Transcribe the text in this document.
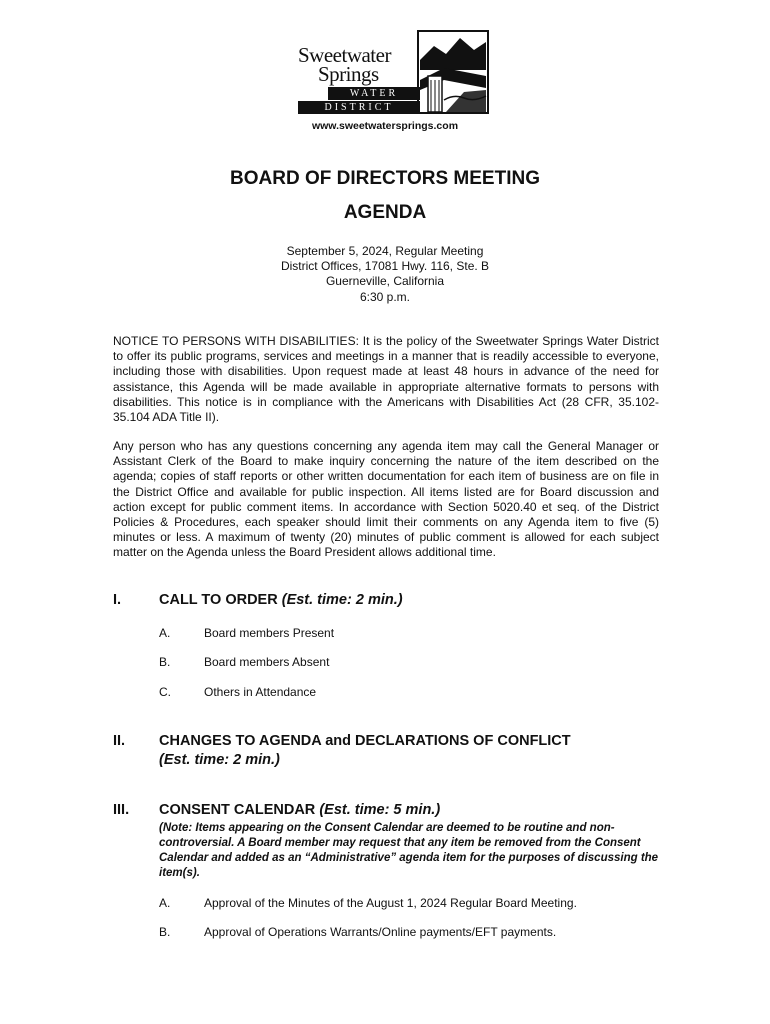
Sweetwater
Springs
WATER
DISTRICT
www.sweetwatersprings.com
BOARD OF DIRECTORS MEETING
AGENDA
September 5, 2024, Regular Meeting
District Offices, 17081 Hwy. 116, Ste. B
Guerneville, California
6:30 p.m.

NOTICE TO PERSONS WITH DISABILITIES: It is the policy of the Sweetwater Springs Water District to offer its public programs, services and meetings in a manner that is readily accessible to everyone, including those with disabilities. Upon request made at least 48 hours in advance of the need for assistance, this Agenda will be made available in appropriate alternative formats to persons with disabilities. This notice is in compliance with the Americans with Disabilities Act (28 CFR, 35.102-35.104 ADA Title II).

Any person who has any questions concerning any agenda item may call the General Manager or Assistant Clerk of the Board to make inquiry concerning the nature of the item described on the agenda; copies of staff reports or other written documentation for each item of business are on file in the District Office and available for public inspection. All items listed are for Board discussion and action except for public comment items. In accordance with Section 5020.40 et seq. of the District Policies & Procedures, each speaker should limit their comments on any Agenda item to five (5) minutes or less. A maximum of twenty (20) minutes of public comment is allowed for each subject matter on the Agenda unless the Board President allows additional time.

I.	CALL TO ORDER (Est. time: 2 min.)
A.	Board members Present
B.	Board members Absent
C.	Others in Attendance
II. CHANGES TO AGENDA and DECLARATIONS OF CONFLICT
(Est. time: 2 min.)
III. CONSENT CALENDAR (Est. time: 5 min.)

(Note: Items appearing on the Consent Calendar are deemed to be routine and non-controversial. A Board member may request that any item be removed from the Consent Calendar and added as an “Administrative” agenda item for the purposes of discussing the item(s).

A.	Approval of the Minutes of the August 1, 2024 Regular Board Meeting.
B.	Approval of Operations Warrants/Online payments/EFT payments.
